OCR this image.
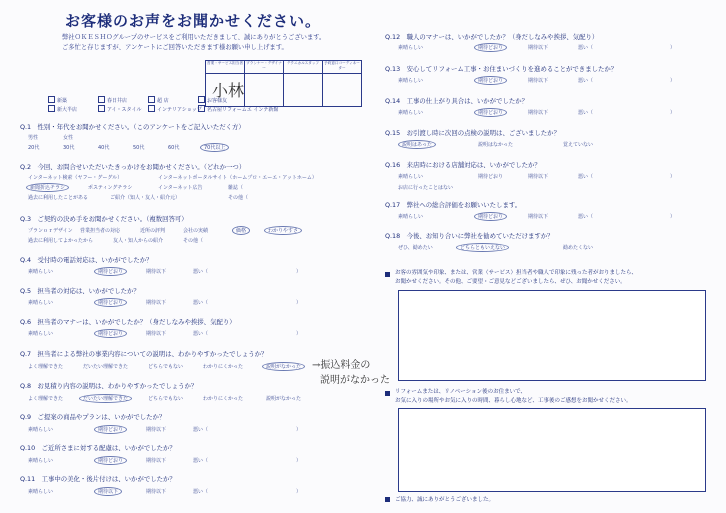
お客様のお声をお聞かせください。
弊社ＯＫＥＳＨＯグループのサービスをご利用いただきまして、誠にありがとうございます。
ご多忙と存じますが、アンケートにご回答いただきます様お願い申し上げます。
営業・サービス担当者 プランナー・デザイナー
テクニカルスタッフ	予約窓口コーディネーター
小林
新築	春日井店	超 店	お客様友
新大半店	アイ・スタイル	インテリアショップ	名古屋リフォームエ インテ新館
Q.1　性別・年代をお聞かせください。（このアンケートをご記入いただく方）
男性	女性
20代	30代	40代	50代	60代	70代以上
Q.2　今回、お問合せいただいたきっかけをお聞かせください。（どれか一つ）
インターネット検索（ヤフー・グーグル）	インターネットポータルサイト（ホームプロ・エーエ・アットホーム）
新聞折込チラシ	ポスティングチラシ	インターネット広告	雑誌（
過去に利用したことがある	ご紹介（知人・友人・紹介元）	その他（
Q.3　ご契約の決め手をお聞かせください。（複数回答可）
プランｏｒデザイン 営業担当者の対応	近所の評判	会社の実績	価格	わかりやすさ
過去に利用してよかったから	友人・知人からの紹介	その他（
Q.4　受付時の電話対応は、いかがでしたか？
素晴らしい	期待どおり	期待以下	悪い（	）
Q.5　担当者の対応は、いかがでしたか？
素晴らしい	期待どおり	期待以下	悪い（	）
Q.6　担当者のマナーは、いかがでしたか？（身だしなみや挨拶、気配り）
素晴らしい	期待どおり	期待以下	悪い（	）
Q.7　担当者による弊社の事業内容についての説明は、わかりやすかったでしょうか？
よく理解できた	だいたい理解できた	どちらでもない	わかりにくかった	説明がなかった	→振込料金の
説明がなかった
Q.8　お見積り内容の説明は、わかりやすかったでしょうか？
よく理解できた	だいたい理解できた	どちらでもない	わかりにくかった	説明がなかった
Q.9　ご提案の商品やプランは、いかがでしたか？
素晴らしい	期待どおり	期待以下	悪い（	）
Q.10　ご近所さまに対する配慮は、いかがでしたか？
素晴らしい	期待どおり	期待以下	悪い（	）
Q.11　工事中の美化・後片付けは、いかがでしたか？
素晴らしい	期待以下	期待以下	悪い（	）
Q.12　職人のマナーは、いかがでしたか？（身だしなみや挨拶、気配り）
素晴らしい	期待どおり	期待以下	悪い（	）
Q.13　安心してリフォーム工事・お住まいづくりを進めることができましたか？
素晴らしい	期待どおり	期待以下	悪い（	）
Q.14　工事の仕上がり具合は、いかがでしたか？
素晴らしい	期待どおり	期待以下	悪い（	）
Q.15　お引渡し時に次回の点検の説明は、ございましたか？
説明はあった	説明はなかった	覚えていない
Q.16　来店時における店舗対応は、いかがでしたか？
素晴らしい	期待どおり	期待以下	悪い（	）
お店に行ったことはない
Q.17　弊社への総合評価をお願いいたします。
素晴らしい	期待どおり	期待以下	悪い（	）
Q.18　今後、お知り合いに弊社を勧めていただけますか？
ぜひ、勧めたい	どちらともいえない	勧めたくない
お客の雰囲気や印象、または、営業（サービス）担当者や職人で印象に残った者がおりましたら、
お聞かせください。その他、ご要望・ご意見などございましたら、ぜひ、お聞かせください。
リフォームまたは、リノベーション後のお住まいで、
お気に入りの場所やお気に入りの時間、暮らし心地など、工事後のご感想をお聞かせください。
ご協力、誠にありがとうございました。
